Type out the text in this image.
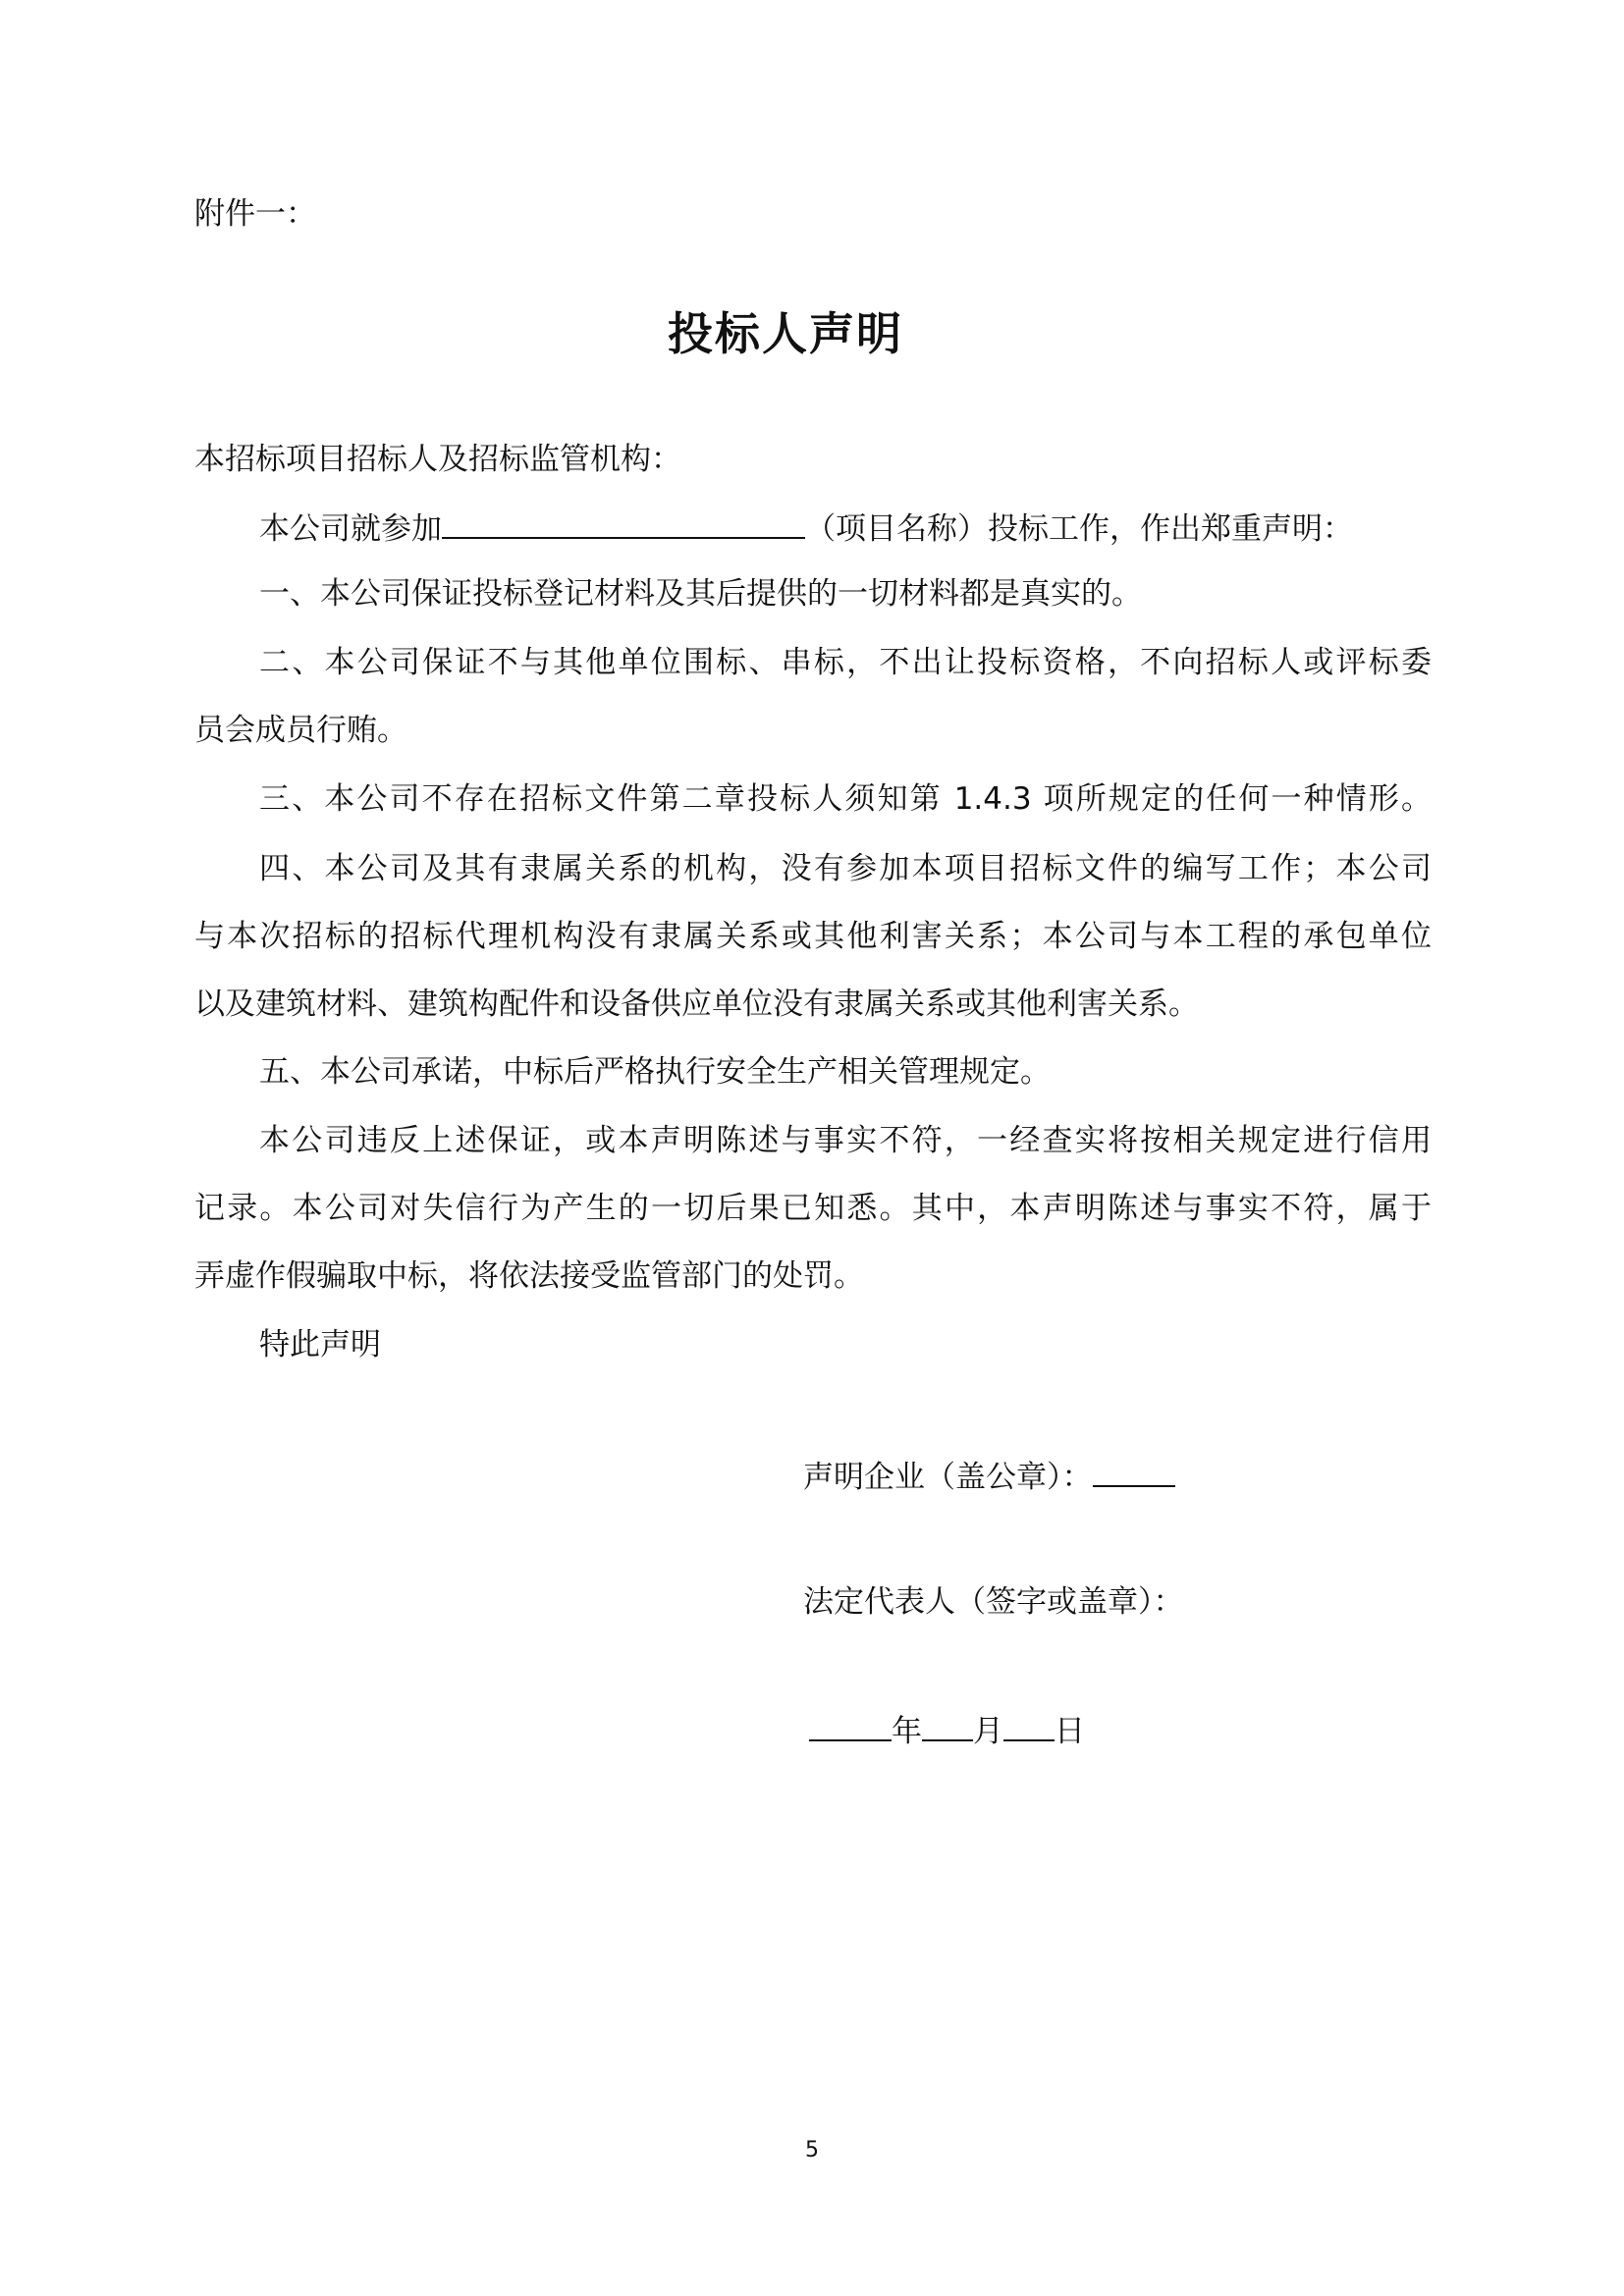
附件一：
投标人声明
本招标项目招标人及招标监管机构：
本公司就参加	（项目名称）投标工作，作出郑重声明：
一、本公司保证投标登记材料及其后提供的一切材料都是真实的。
二、本公司保证不与其他单位围标、串标，不出让投标资格，不向招标人或评标委
员会成员行贿。
三、本公司不存在招标文件第二章投标人须知第 1.4.3 项所规定的任何一种情形。
四、本公司及其有隶属关系的机构，没有参加本项目招标文件的编写工作；本公司
与本次招标的招标代理机构没有隶属关系或其他利害关系；本公司与本工程的承包单位
以及建筑材料、建筑构配件和设备供应单位没有隶属关系或其他利害关系。
五、本公司承诺，中标后严格执行安全生产相关管理规定。
本公司违反上述保证，或本声明陈述与事实不符，一经查实将按相关规定进行信用
记录。本公司对失信行为产生的一切后果已知悉。其中，本声明陈述与事实不符，属于
弄虚作假骗取中标，将依法接受监管部门的处罚。
特此声明
声明企业（盖公章）：
法定代表人（签字或盖章）：
年 月 日
5
